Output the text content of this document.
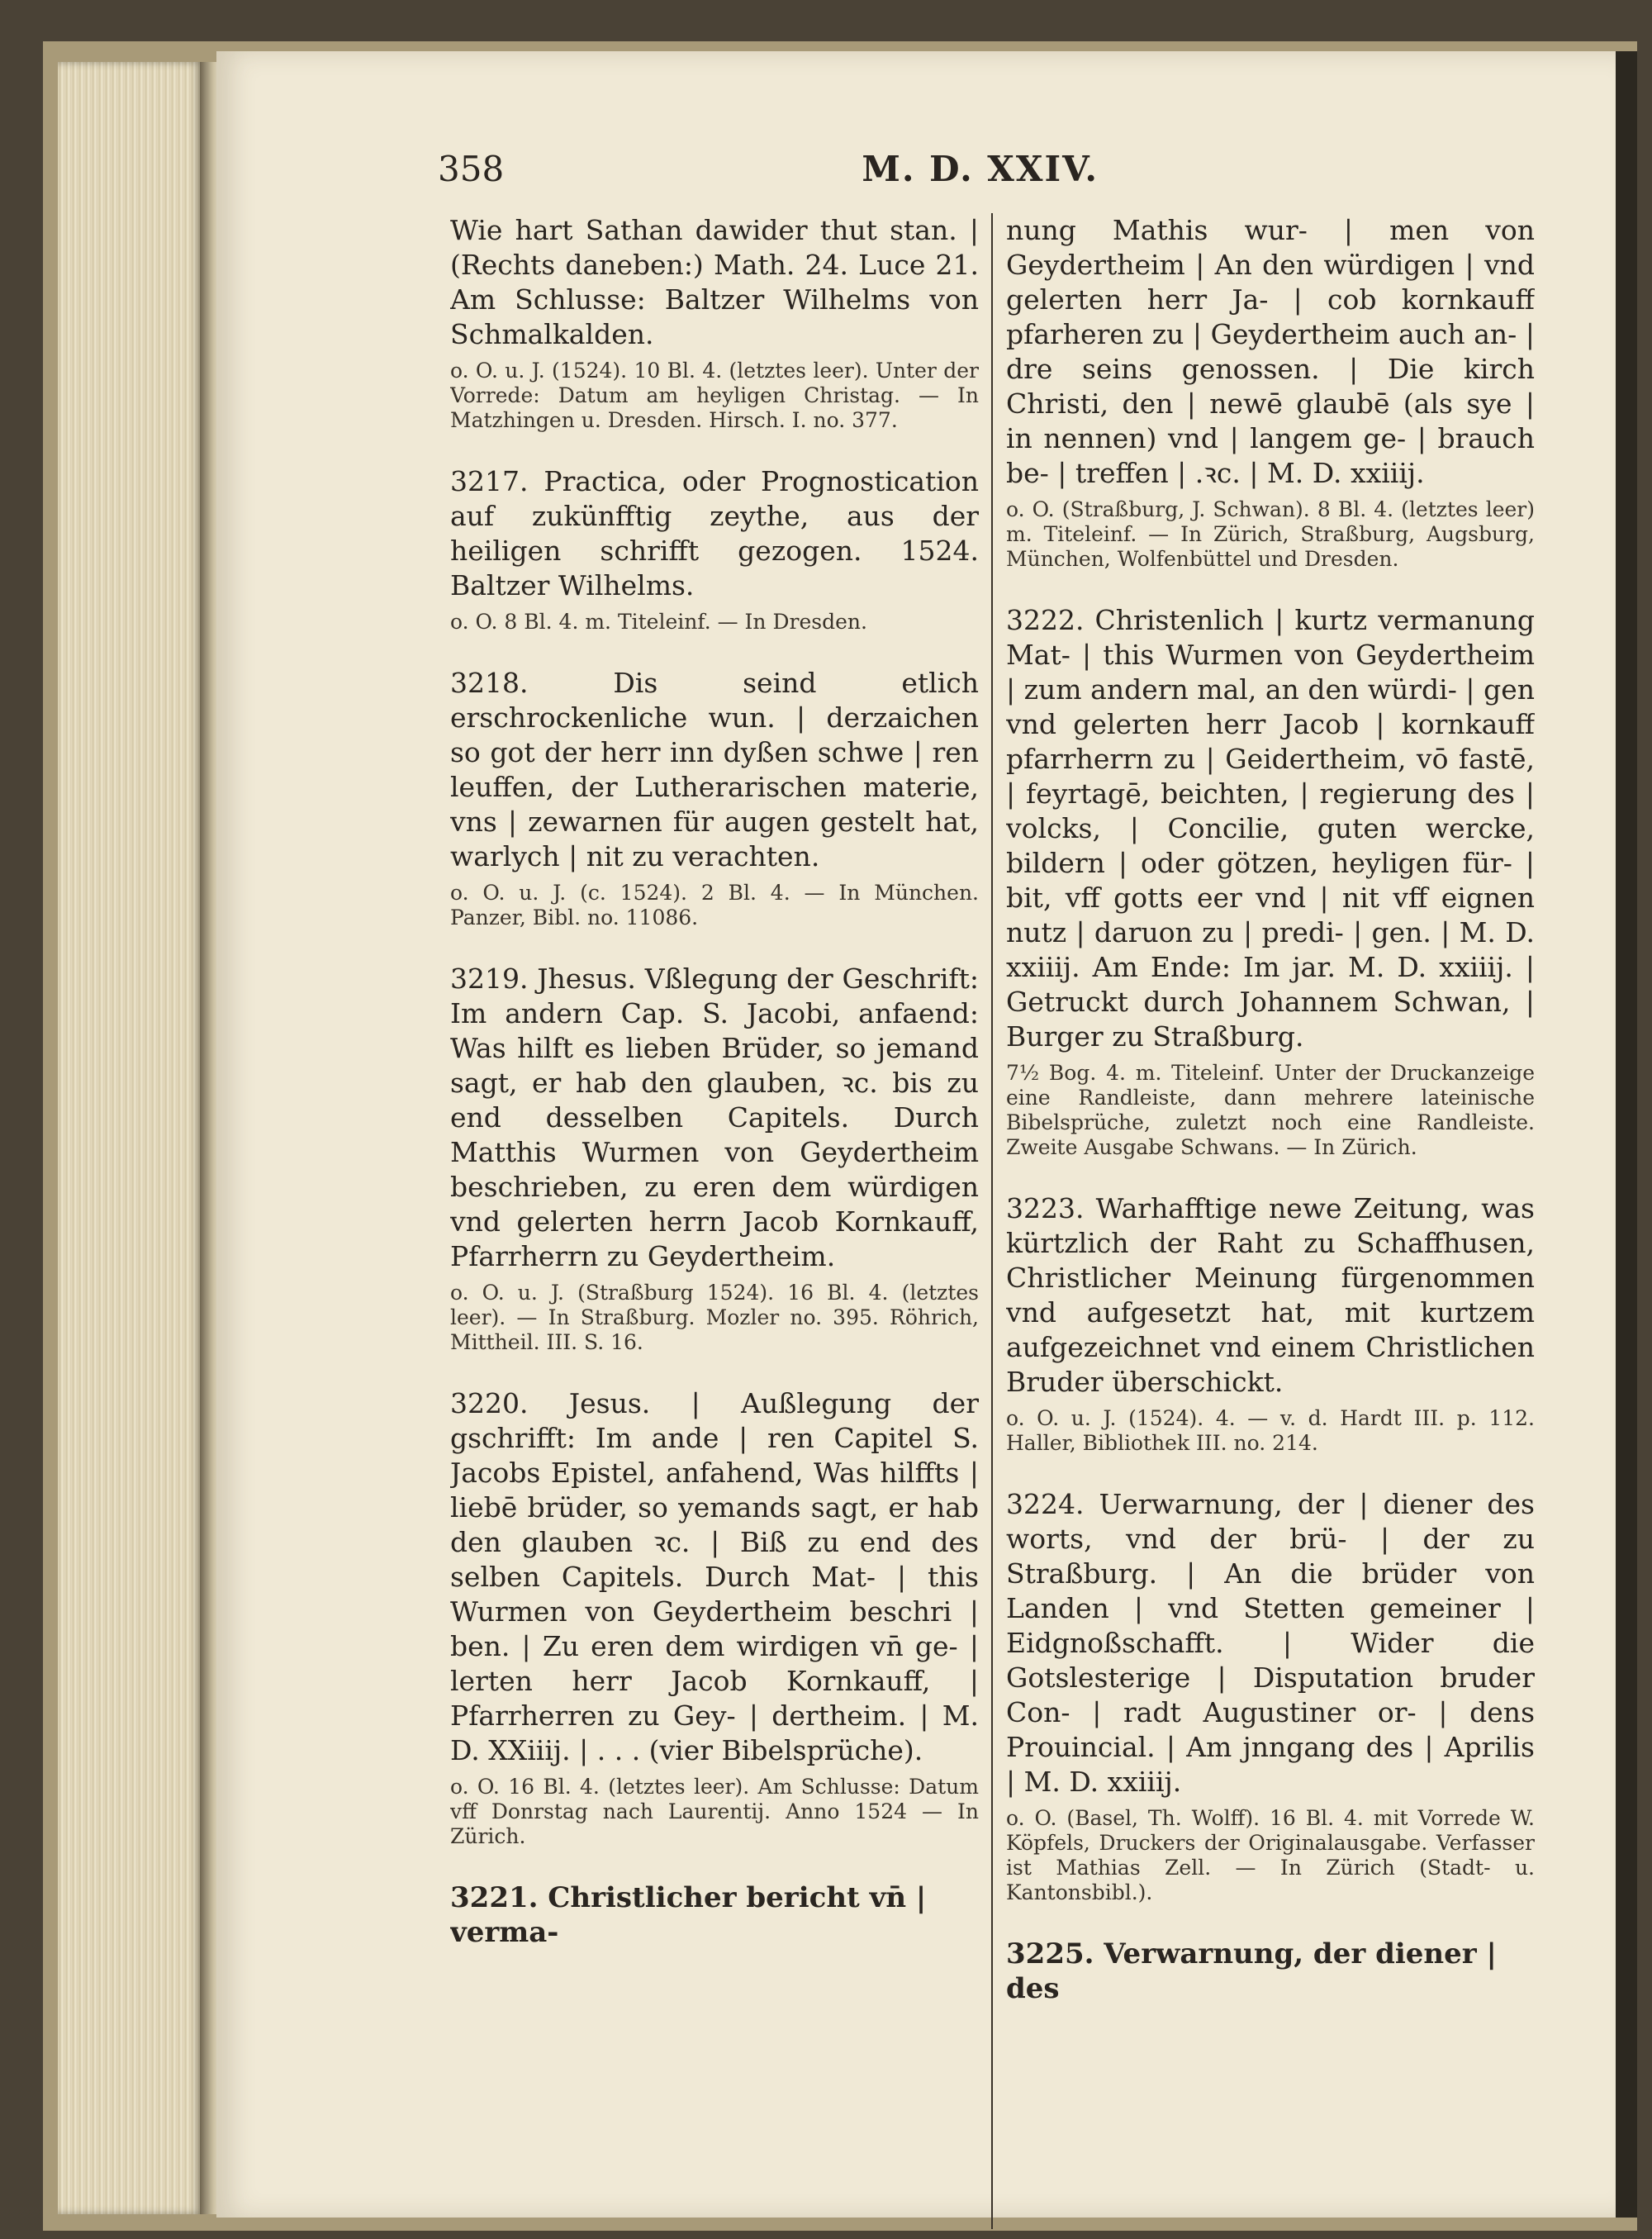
358	M. D. XXIV.

Wie hart Sathan dawider thut stan. | (Rechts daneben:) Math. 24. Luce 21. Am Schlusse: Baltzer Wilhelms von Schmalkalden.

o. O. u. J. (1524). 10 Bl. 4. (letztes leer). Unter der Vorrede: Datum am heyligen Christag. — In Matzhingen u. Dresden. Hirsch. I. no. 377.

3217. Practica, oder Prognostication auf zukünfftig zeythe, aus der heiligen schrifft gezogen. 1524. Baltzer Wilhelms.

o. O. 8 Bl. 4. m. Titeleinf. — In Dresden.

3218. Dis seind etlich erschrockenliche wun. | derzaichen so got der herr inn dyßen schwe | ren leuffen, der Lutherarischen materie, vns | zewarnen für augen gestelt hat, warlych | nit zu verachten.

o. O. u. J. (c. 1524). 2 Bl. 4. — In München. Panzer, Bibl. no. 11086.

3219. Jhesus. Vßlegung der Geschrift: Im andern Cap. S. Jacobi, anfaend: Was hilft es lieben Brüder, so jemand sagt, er hab den glauben, ꝛc. bis zu end desselben Capitels. Durch Matthis Wurmen von Geydertheim beschrieben, zu eren dem würdigen vnd gelerten herrn Jacob Kornkauff, Pfarrherrn zu Geydertheim.

o. O. u. J. (Straßburg 1524). 16 Bl. 4. (letztes leer). — In Straßburg. Mozler no. 395. Röhrich, Mittheil. III. S. 16.

3220. Jesus. | Außlegung der gschrifft: Im ande | ren Capitel S. Jacobs Epistel, anfahend, Was hilffts | liebē brüder, so yemands sagt, er hab den glauben ꝛc. | Biß zu end des selben Capitels. Durch Mat- | this Wurmen von Geydertheim beschri | ben. | Zu eren dem wirdigen vn̄ ge- | lerten herr Jacob Kornkauff, | Pfarrherren zu Gey- | dertheim. | M. D. XXiiij. | . . . (vier Bibelsprüche).

o. O. 16 Bl. 4. (letztes leer). Am Schlusse: Datum vff Donrstag nach Laurentij. Anno 1524 — In Zürich.

3221. Christlicher bericht vn̄ | verma-

nung Mathis wur- | men von Geydertheim | An den würdigen | vnd gelerten herr Ja- | cob kornkauff pfarheren zu | Geydertheim auch an- | dre seins genossen. | Die kirch Christi, den | newē glaubē (als sye | in nennen) vnd | langem ge- | brauch be- | treffen | .ꝛc. | M. D. xxiiij.

o. O. (Straßburg, J. Schwan). 8 Bl. 4. (letztes leer) m. Titeleinf. — In Zürich, Straßburg, Augsburg, München, Wolfenbüttel und Dresden.

3222. Christenlich | kurtz vermanung Mat- | this Wurmen von Geydertheim | zum andern mal, an den würdi- | gen vnd gelerten herr Jacob | kornkauff pfarrherrn zu | Geidertheim, vō fastē, | feyrtagē, beichten, | regierung des | volcks, | Concilie, guten wercke, bildern | oder götzen, heyligen für- | bit, vff gotts eer vnd | nit vff eignen nutz | daruon zu | predi- | gen. | M. D. xxiiij. Am Ende: Im jar. M. D. xxiiij. | Getruckt durch Johannem Schwan, | Burger zu Straßburg.

7½ Bog. 4. m. Titeleinf. Unter der Druckanzeige eine Randleiste, dann mehrere lateinische Bibelsprüche, zuletzt noch eine Randleiste. Zweite Ausgabe Schwans. — In Zürich.

3223. Warhafftige newe Zeitung, was kürtzlich der Raht zu Schaffhusen, Christlicher Meinung fürgenommen vnd aufgesetzt hat, mit kurtzem aufgezeichnet vnd einem Christlichen Bruder überschickt.

o. O. u. J. (1524). 4. — v. d. Hardt III. p. 112. Haller, Bibliothek III. no. 214.

3224. Uerwarnung, der | diener des worts, vnd der brü- | der zu Straßburg. | An die brüder von Landen | vnd Stetten gemeiner | Eidgnoßschafft. | Wider die Gotslesterige | Disputation bruder Con- | radt Augustiner or- | dens Prouincial. | Am jnngang des | Aprilis | M. D. xxiiij.

o. O. (Basel, Th. Wolff). 16 Bl. 4. mit Vorrede W. Köpfels, Druckers der Originalausgabe. Verfasser ist Mathias Zell. — In Zürich (Stadt- u. Kantonsbibl.).

3225. Verwarnung, der diener | des
